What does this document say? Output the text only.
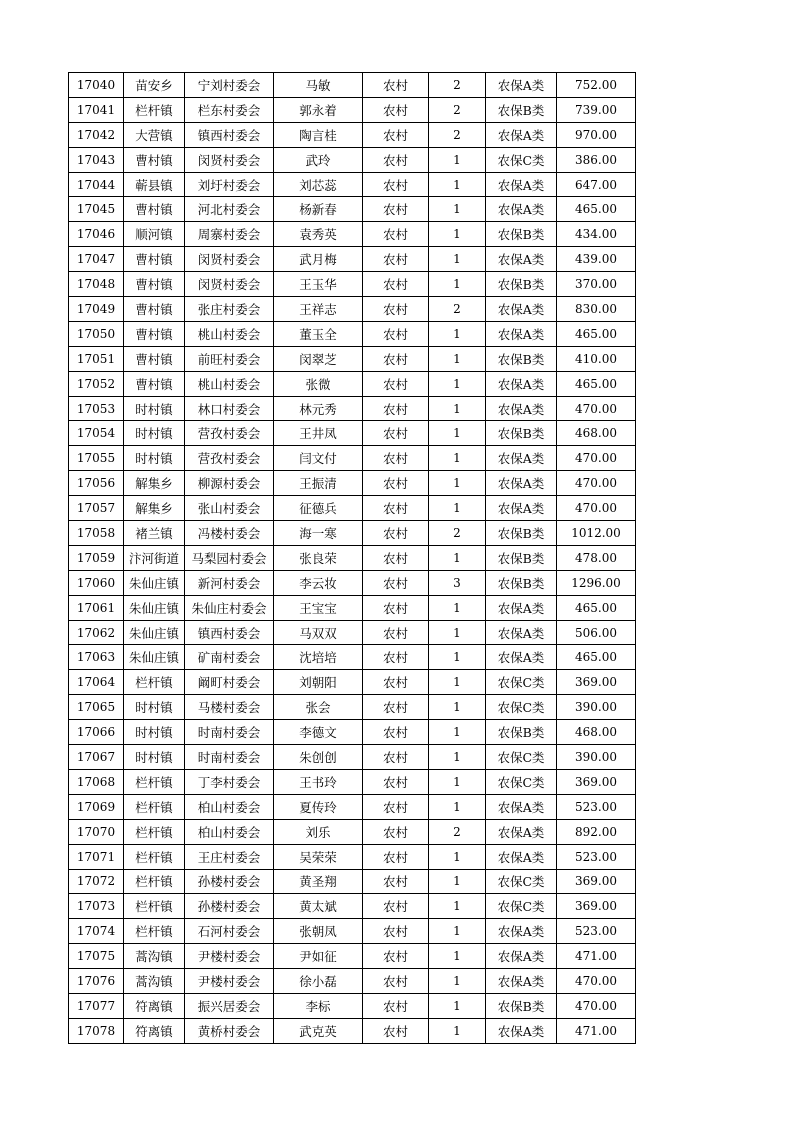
17040	苗安乡	宁刘村委会	马敏	农村	2	农保A类	752.00
17041	栏杆镇	栏东村委会	郭永着	农村	2	农保B类	739.00
17042	大营镇	镇西村委会	陶言桂	农村	2	农保A类	970.00
17043	曹村镇	闵贤村委会	武玲	农村	1	农保C类	386.00
17044	蕲县镇	刘圩村委会	刘芯蕊	农村	1	农保A类	647.00
17045	曹村镇	河北村委会	杨新春	农村	1	农保A类	465.00
17046	顺河镇	周寨村委会	袁秀英	农村	1	农保B类	434.00
17047	曹村镇	闵贤村委会	武月梅	农村	1	农保A类	439.00
17048	曹村镇	闵贤村委会	王玉华	农村	1	农保B类	370.00
17049	曹村镇	张庄村委会	王祥志	农村	2	农保A类	830.00
17050	曹村镇	桃山村委会	董玉全	农村	1	农保A类	465.00
17051	曹村镇	前旺村委会	闵翠芝	农村	1	农保B类	410.00
17052	曹村镇	桃山村委会	张微	农村	1	农保A类	465.00
17053	时村镇	林口村委会	林元秀	农村	1	农保A类	470.00
17054	时村镇	营孜村委会	王井凤	农村	1	农保B类	468.00
17055	时村镇	营孜村委会	闫文付	农村	1	农保A类	470.00
17056	解集乡	柳源村委会	王振清	农村	1	农保A类	470.00
17057	解集乡	张山村委会	征德兵	农村	1	农保A类	470.00
17058	褚兰镇	冯楼村委会	海一寒	农村	2	农保B类	1012.00
17059	汴河街道	马梨园村委会	张良荣	农村	1	农保B类	478.00
17060	朱仙庄镇	新河村委会	李云妆	农村	3	农保B类	1296.00
17061	朱仙庄镇	朱仙庄村委会	王宝宝	农村	1	农保A类	465.00
17062	朱仙庄镇	镇西村委会	马双双	农村	1	农保A类	506.00
17063	朱仙庄镇	矿南村委会	沈培培	农村	1	农保A类	465.00
17064	栏杆镇	阚町村委会	刘朝阳	农村	1	农保C类	369.00
17065	时村镇	马楼村委会	张会	农村	1	农保C类	390.00
17066	时村镇	时南村委会	李德文	农村	1	农保B类	468.00
17067	时村镇	时南村委会	朱创创	农村	1	农保C类	390.00
17068	栏杆镇	丁李村委会	王书玲	农村	1	农保C类	369.00
17069	栏杆镇	柏山村委会	夏传玲	农村	1	农保A类	523.00
17070	栏杆镇	柏山村委会	刘乐	农村	2	农保A类	892.00
17071	栏杆镇	王庄村委会	吴荣荣	农村	1	农保A类	523.00
17072	栏杆镇	孙楼村委会	黄圣翔	农村	1	农保C类	369.00
17073	栏杆镇	孙楼村委会	黄太斌	农村	1	农保C类	369.00
17074	栏杆镇	石河村委会	张朝凤	农村	1	农保A类	523.00
17075	蒿沟镇	尹楼村委会	尹如征	农村	1	农保A类	471.00
17076	蒿沟镇	尹楼村委会	徐小磊	农村	1	农保A类	470.00
17077	符离镇	振兴居委会	李标	农村	1	农保B类	470.00
17078	符离镇	黄桥村委会	武克英	农村	1	农保A类	471.00
